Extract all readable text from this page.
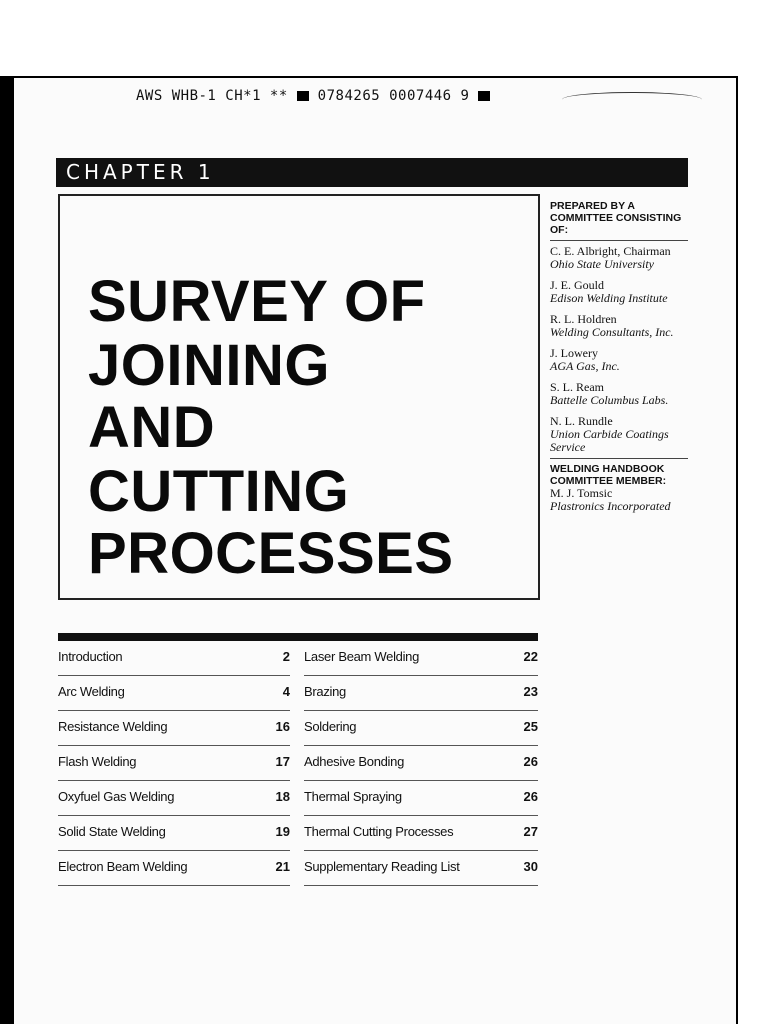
AWS WHB-1 CH*1 ** 0784265 0007446 9
CHAPTER 1
SURVEY OF
JOINING
AND
CUTTING
PROCESSES
PREPARED BY A COMMITTEE CONSISTING OF:
C. E. Albright, Chairman
Ohio State University
J. E. Gould
Edison Welding Institute
R. L. Holdren
Welding Consultants, Inc.
J. Lowery
AGA Gas, Inc.
S. L. Ream
Battelle Columbus Labs.
N. L. Rundle
Union Carbide Coatings Service
WELDING HANDBOOK COMMITTEE MEMBER:
M. J. Tomsic
Plastronics Incorporated
Introduction	2
Arc Welding	4
Resistance Welding	16
Flash Welding	17
Oxyfuel Gas Welding	18
Solid State Welding	19
Electron Beam Welding	21
Laser Beam Welding	22
Brazing	23
Soldering	25
Adhesive Bonding	26
Thermal Spraying	26
Thermal Cutting Processes	27
Supplementary Reading List	30
